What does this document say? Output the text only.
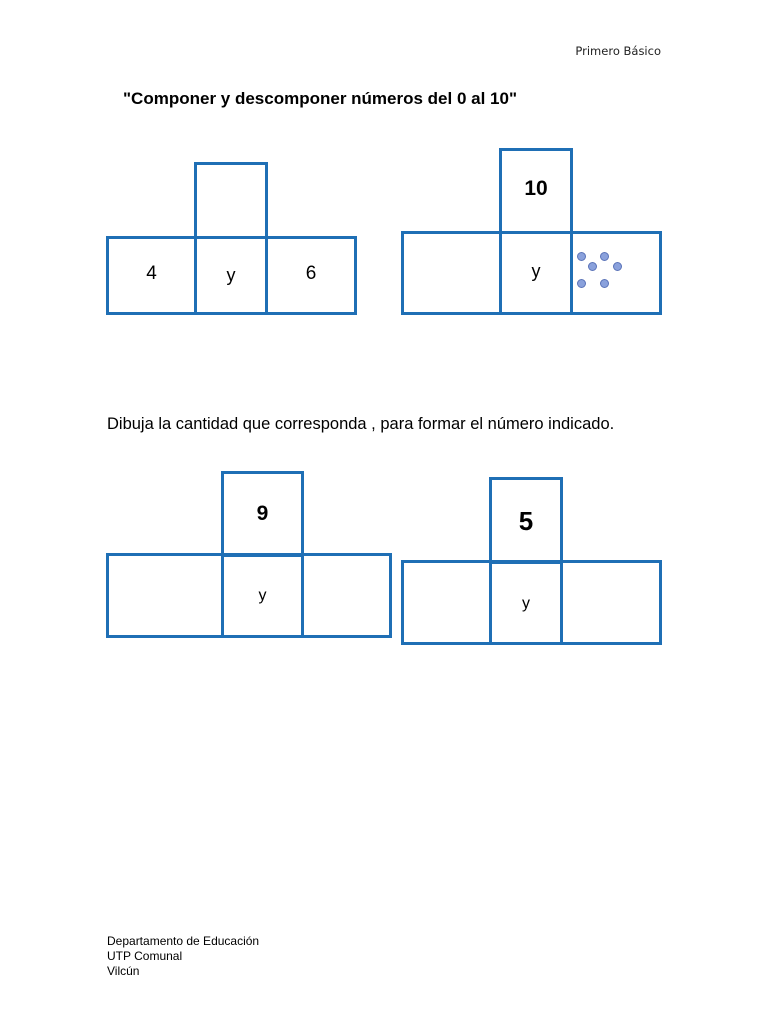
Primero Básico
"Componer y descomponer números del 0 al 10"
4	y	6
10
y
Dibuja la cantidad que corresponda , para formar el número indicado.
9
y
5
y
Departamento de Educación
UTP Comunal
Vilcún
